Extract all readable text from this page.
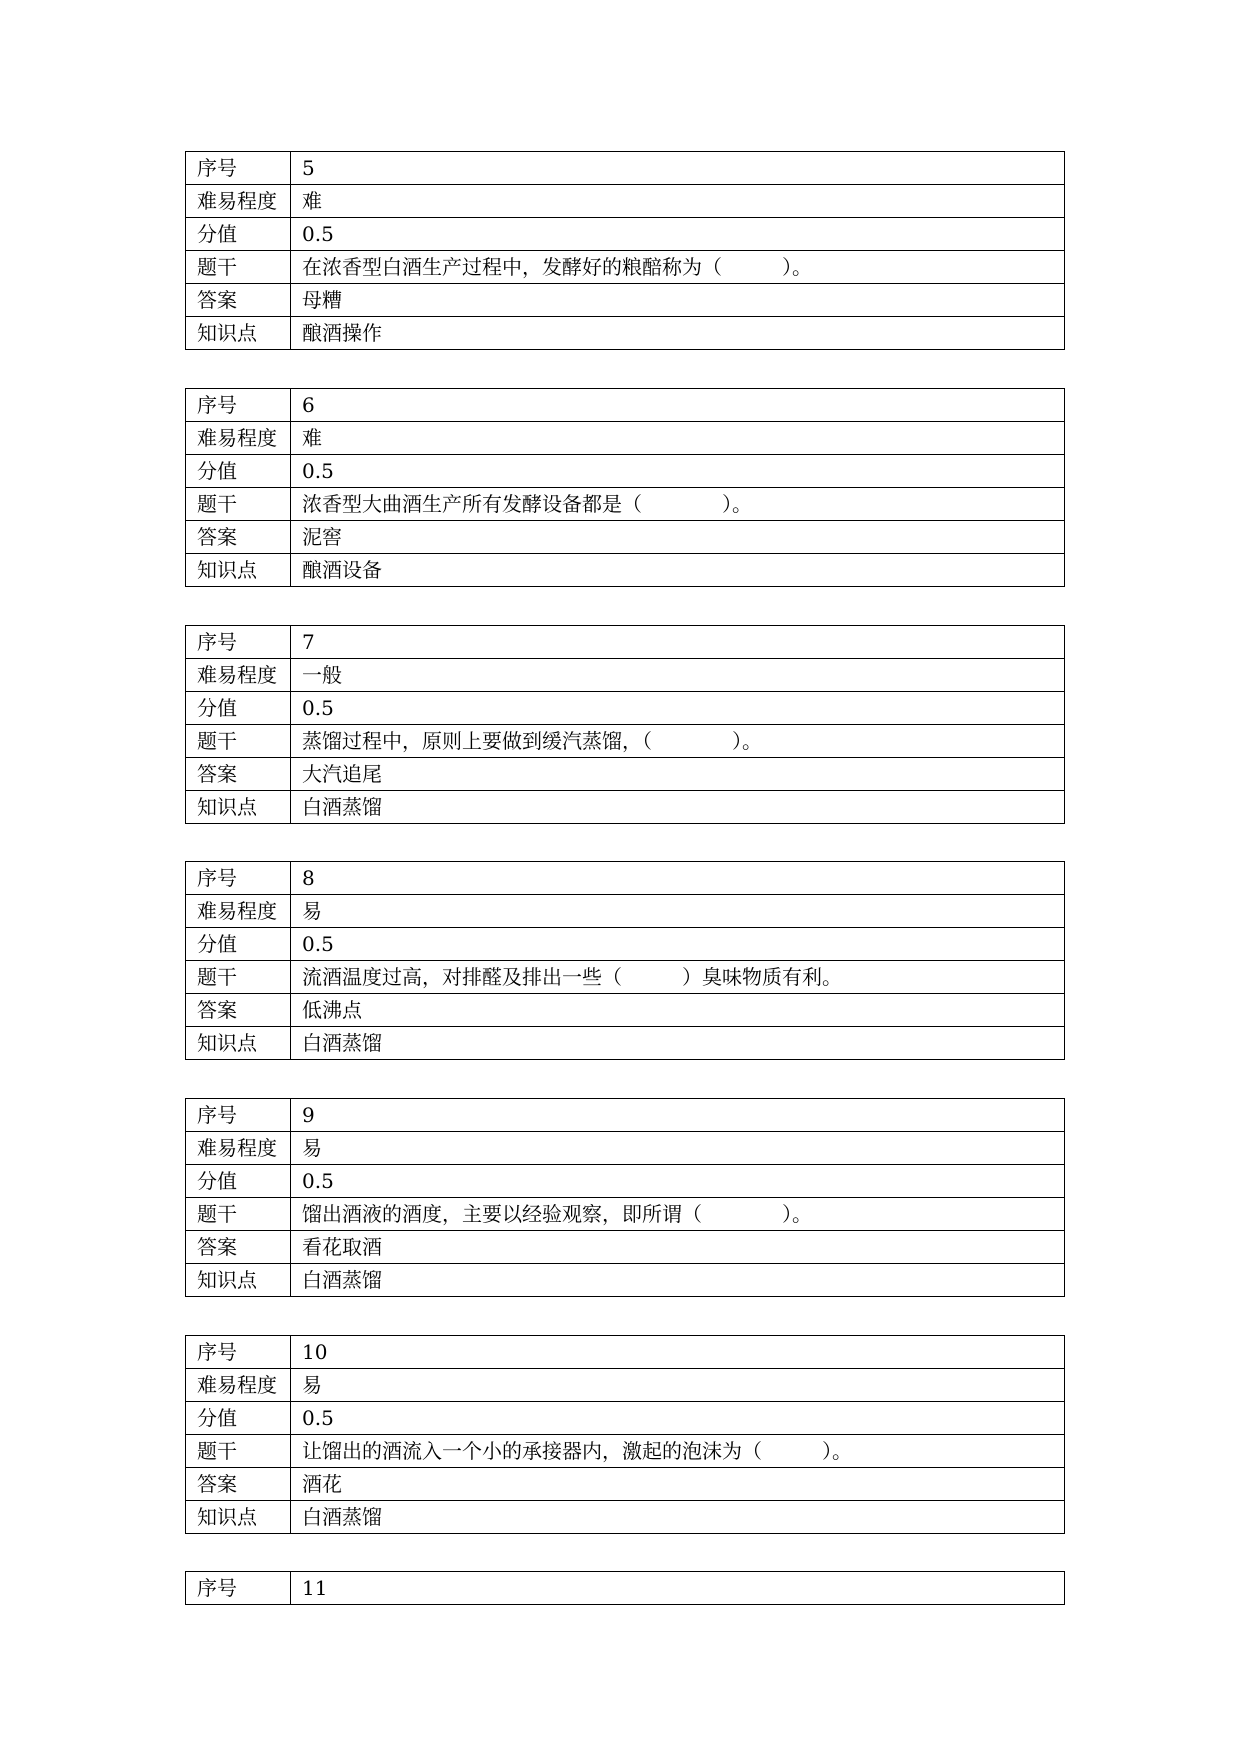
序号	5
难易程度	难
分值	0.5
题干	在浓香型白酒生产过程中，发酵好的粮醅称为（　　　）。
答案	母糟
知识点	酿酒操作
序号	6
难易程度	难
分值	0.5
题干	浓香型大曲酒生产所有发酵设备都是（　　　　）。
答案	泥窖
知识点	酿酒设备
序号	7
难易程度	一般
分值	0.5
题干	蒸馏过程中，原则上要做到缓汽蒸馏，（　　　　）。
答案	大汽追尾
知识点	白酒蒸馏
序号	8
难易程度	易
分值	0.5
题干	流酒温度过高，对排醛及排出一些（　　　）臭味物质有利。
答案	低沸点
知识点	白酒蒸馏
序号	9
难易程度	易
分值	0.5
题干	馏出酒液的酒度，主要以经验观察，即所谓（　　　　）。
答案	看花取酒
知识点	白酒蒸馏
序号	10
难易程度	易
分值	0.5
题干	让馏出的酒流入一个小的承接器内，激起的泡沫为（　　　）。
答案	酒花
知识点	白酒蒸馏
序号	11
